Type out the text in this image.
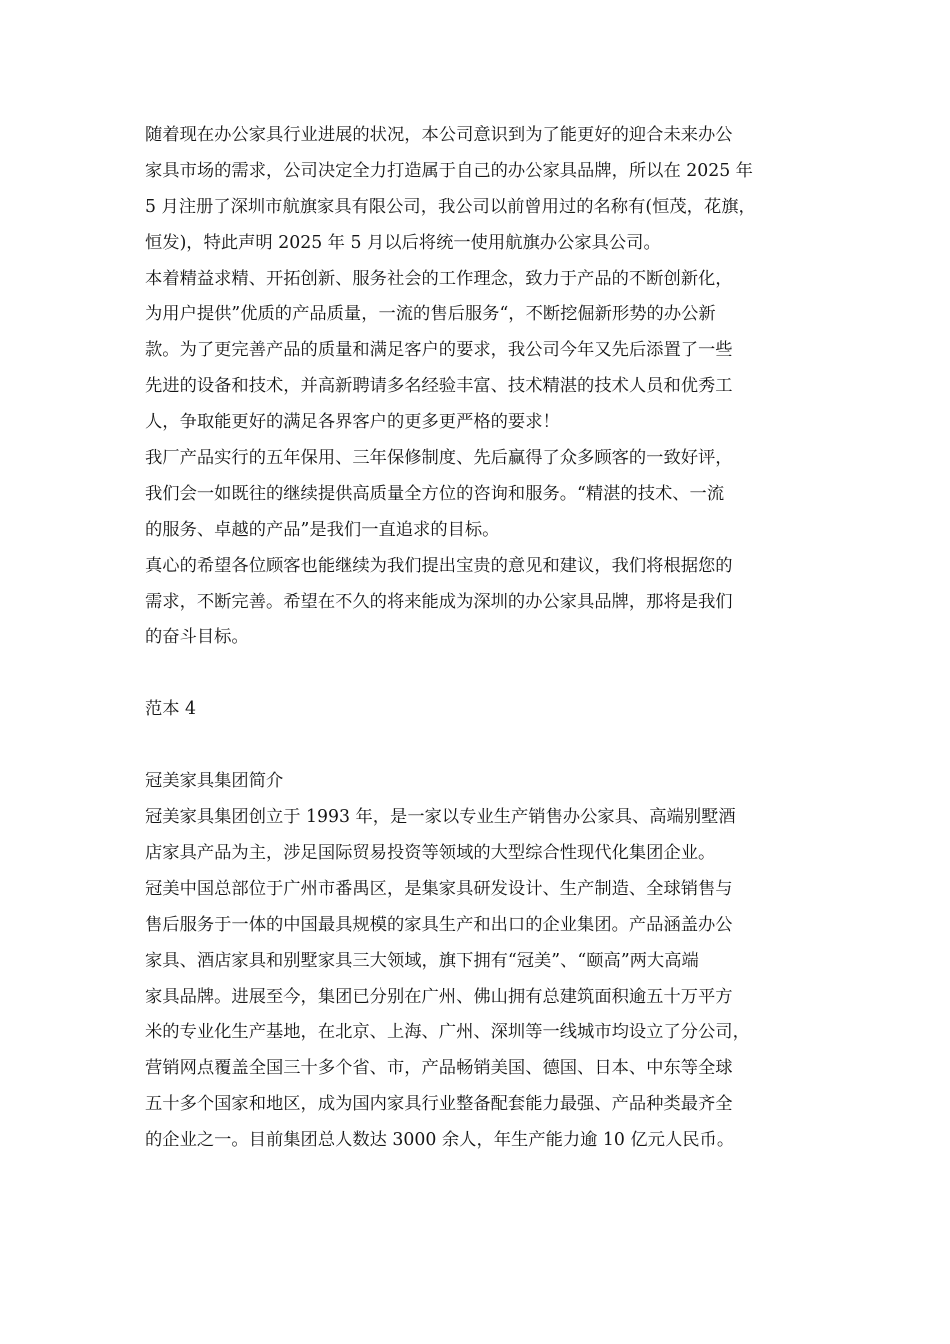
随着现在办公家具行业进展的状况，本公司意识到为了能更好的迎合未来办公
家具市场的需求，公司决定全力打造属于自己的办公家具品牌，所以在 2025 年
5 月注册了深圳市航旗家具有限公司，我公司以前曾用过的名称有(恒茂，花旗，
恒发)，特此声明 2025 年 5 月以后将统一使用航旗办公家具公司。
本着精益求精、开拓创新、服务社会的工作理念，致力于产品的不断创新化，
为用户提供”优质的产品质量，一流的售后服务“，不断挖倔新形势的办公新
款。为了更完善产品的质量和满足客户的要求，我公司今年又先后添置了一些
先进的设备和技术，并高新聘请多名经验丰富、技术精湛的技术人员和优秀工
人，争取能更好的满足各界客户的更多更严格的要求！
我厂产品实行的五年保用、三年保修制度、先后赢得了众多顾客的一致好评，
我们会一如既往的继续提供高质量全方位的咨询和服务。“精湛的技术、一流
的服务、卓越的产品”是我们一直追求的目标。
真心的希望各位顾客也能继续为我们提出宝贵的意见和建议，我们将根据您的
需求，不断完善。希望在不久的将来能成为深圳的办公家具品牌，那将是我们
的奋斗目标。
范本 4
冠美家具集团简介
冠美家具集团创立于 1993 年，是一家以专业生产销售办公家具、高端别墅酒
店家具产品为主，涉足国际贸易投资等领域的大型综合性现代化集团企业。
冠美中国总部位于广州市番禺区，是集家具研发设计、生产制造、全球销售与
售后服务于一体的中国最具规模的家具生产和出口的企业集团。产品涵盖办公
家具、酒店家具和别墅家具三大领域，旗下拥有“冠美”、“颐高”两大高端
家具品牌。进展至今，集团已分别在广州、佛山拥有总建筑面积逾五十万平方
米的专业化生产基地，在北京、上海、广州、深圳等一线城市均设立了分公司，
营销网点覆盖全国三十多个省、市，产品畅销美国、德国、日本、中东等全球
五十多个国家和地区，成为国内家具行业整备配套能力最强、产品种类最齐全
的企业之一。目前集团总人数达 3000 余人，年生产能力逾 10 亿元人民币。
